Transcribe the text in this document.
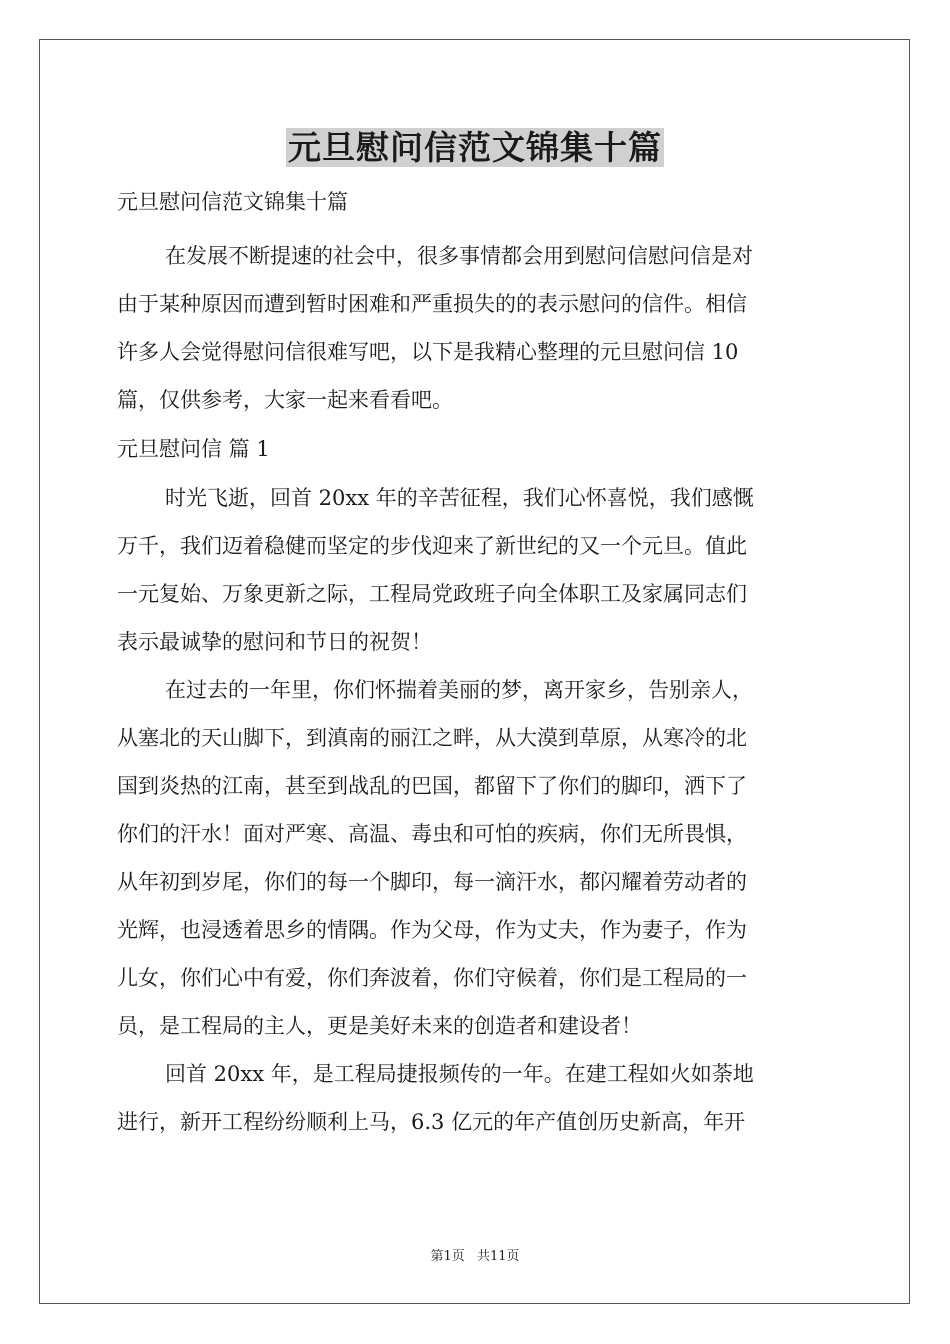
元旦慰问信范文锦集十篇
元旦慰问信范文锦集十篇
在发展不断提速的社会中，很多事情都会用到慰问信慰问信是对
由于某种原因而遭到暂时困难和严重损失的的表示慰问的信件。相信
许多人会觉得慰问信很难写吧，以下是我精心整理的元旦慰问信 10
篇，仅供参考，大家一起来看看吧。
元旦慰问信 篇 1
时光飞逝，回首 20xx 年的辛苦征程，我们心怀喜悦，我们感慨
万千，我们迈着稳健而坚定的步伐迎来了新世纪的又一个元旦。值此
一元复始、万象更新之际，工程局党政班子向全体职工及家属同志们
表示最诚挚的慰问和节日的祝贺！
在过去的一年里，你们怀揣着美丽的梦，离开家乡，告别亲人，
从塞北的天山脚下，到滇南的丽江之畔，从大漠到草原，从寒冷的北
国到炎热的江南，甚至到战乱的巴国，都留下了你们的脚印，洒下了
你们的汗水！面对严寒、高温、毒虫和可怕的疾病，你们无所畏惧，
从年初到岁尾，你们的每一个脚印，每一滴汗水，都闪耀着劳动者的
光辉，也浸透着思乡的情隅。作为父母，作为丈夫，作为妻子，作为
儿女，你们心中有爱，你们奔波着，你们守候着，你们是工程局的一
员，是工程局的主人，更是美好未来的创造者和建设者！
回首 20xx 年，是工程局捷报频传的一年。在建工程如火如荼地
进行，新开工程纷纷顺利上马，6.3 亿元的年产值创历史新高，年开
第1页 共11页
